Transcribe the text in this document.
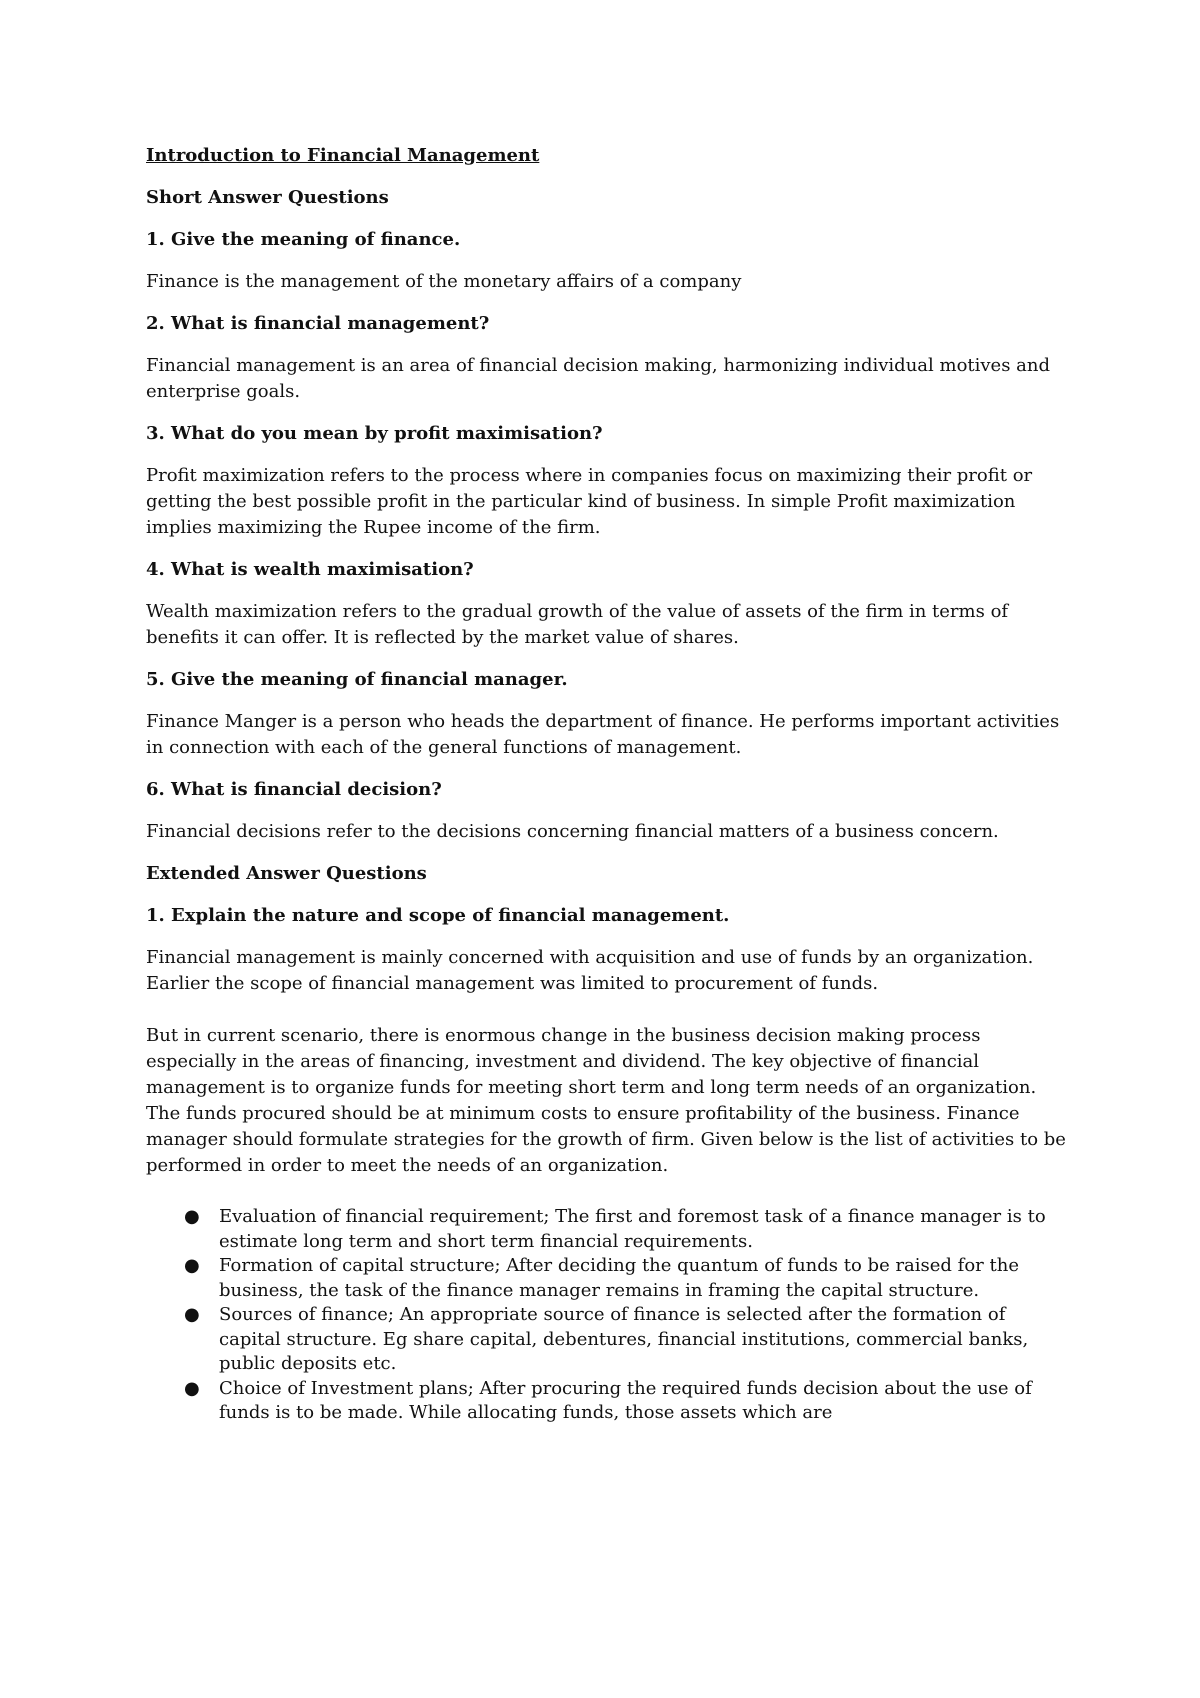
Introduction to Financial Management
Short Answer Questions
1. Give the meaning of finance.
Finance is the management of the monetary affairs of a company
2. What is financial management?
Financial management is an area of financial decision making, harmonizing individual motives and enterprise goals.
3. What do you mean by profit maximisation?
Profit maximization refers to the process where in companies focus on maximizing their profit or getting the best possible profit in the particular kind of business. In simple Profit maximization implies maximizing the Rupee income of the firm.
4. What is wealth maximisation?
Wealth maximization refers to the gradual growth of the value of assets of the firm in terms of benefits it can offer. It is reflected by the market value of shares.
5. Give the meaning of financial manager.
Finance Manger is a person who heads the department of finance. He performs important activities in connection with each of the general functions of management.
6. What is financial decision?
Financial decisions refer to the decisions concerning financial matters of a business concern.
Extended Answer Questions
1. Explain the nature and scope of financial management.
Financial management is mainly concerned with acquisition and use of funds by an organization. Earlier the scope of financial management was limited to procurement of funds.
But in current scenario, there is enormous change in the business decision making process especially in the areas of financing, investment and dividend. The key objective of financial management is to organize funds for meeting short term and long term needs of an organization. The funds procured should be at minimum costs to ensure profitability of the business. Finance manager should formulate strategies for the growth of firm. Given below is the list of activities to be performed in order to meet the needs of an organization.
● Evaluation of financial requirement; The first and foremost task of a finance manager is to estimate long term and short term financial requirements.
● Formation of capital structure; After deciding the quantum of funds to be raised for the business, the task of the finance manager remains in framing the capital structure.
● Sources of finance; An appropriate source of finance is selected after the formation of capital structure. Eg share capital, debentures, financial institutions, commercial banks, public deposits etc.
● Choice of Investment plans; After procuring the required funds decision about the use of funds is to be made. While allocating funds, those assets which are
